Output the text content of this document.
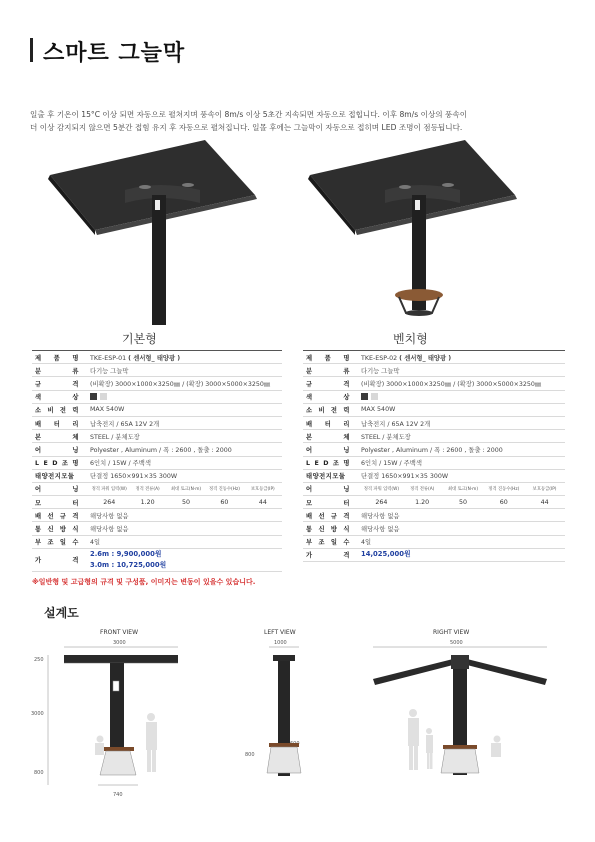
스마트 그늘막

일출 후 기온이 15°C 이상 되면 자동으로 펼쳐지며 풍속이 8m/s 이상 5초간 지속되면 자동으로 접힙니다. 이후 8m/s 이상의 풍속이

더 이상 감지되지 않으면 5분간 접힘 유지 후 자동으로 펼쳐집니다. 일몰 후에는 그늘막이 자동으로 접히며 LED 조명이 점등됩니다.

기본형	벤치형
제 품 명	TKE-ESP-01 ( 센서형_ 태양광 )
분 류	다기능 그늘막
규 격	(비확장) 3000×1000×3250㎜ / (확장) 3000×5000×3250㎜
색 상	
소 비 전 력	MAX 540W
배 터 리	납축전지 / 65A 12V 2개
본 체	STEEL / 분체도장
어 닝	Polyester , Aluminum / 폭 : 2600 , 돌출 : 2000
L E D 조 명	6인치 / 15W / 주백색
태양전지모듈	단결정 1650×991×35 300W
어 닝	정격 파워 입력(W) 정격 전류(A) 최대 토크(N·m) 정격 진동수(Hz) 보호등급(IP)

모 터	264 1.20 50 60 44

배 선 규 격	해당사항 없음
통 신 방 식	해당사항 없음
부 조 일 수	4일
가 격	2.6m : 9,900,000원
3.0m : 10,725,000원
제 품 명	TKE-ESP-02 ( 센서형_ 태양광 )
분 류	다기능 그늘막
규 격	(비확장) 3000×1000×3250㎜ / (확장) 3000×5000×3250㎜
색 상	
소 비 전 력	MAX 540W
배 터 리	납축전지 / 65A 12V 2개
본 체	STEEL / 분체도장
어 닝	Polyester , Aluminum / 폭 : 2600 , 돌출 : 2000
L E D 조 명	6인치 / 15W / 주백색
태양전지모듈	단결정 1650×991×35 300W
어 닝	정격 파워 입력(W) 정격 전류(A) 최대 토크(N·m) 정격 진동수(Hz) 보호등급(IP)

모 터	264 1.20 50 60 44

배 선 규 격	해당사항 없음
통 신 방 식	해당사항 없음
부 조 일 수	4일
가 격	14,025,000원
※일반형 및 고급형의 규격 및 구성품, 이미지는 변동이 있을수 있습니다.
설계도
FRONT VIEW
3000
250
3000
800
740
LEFT VIEW
1000
800
RIGHT VIEW
5000
